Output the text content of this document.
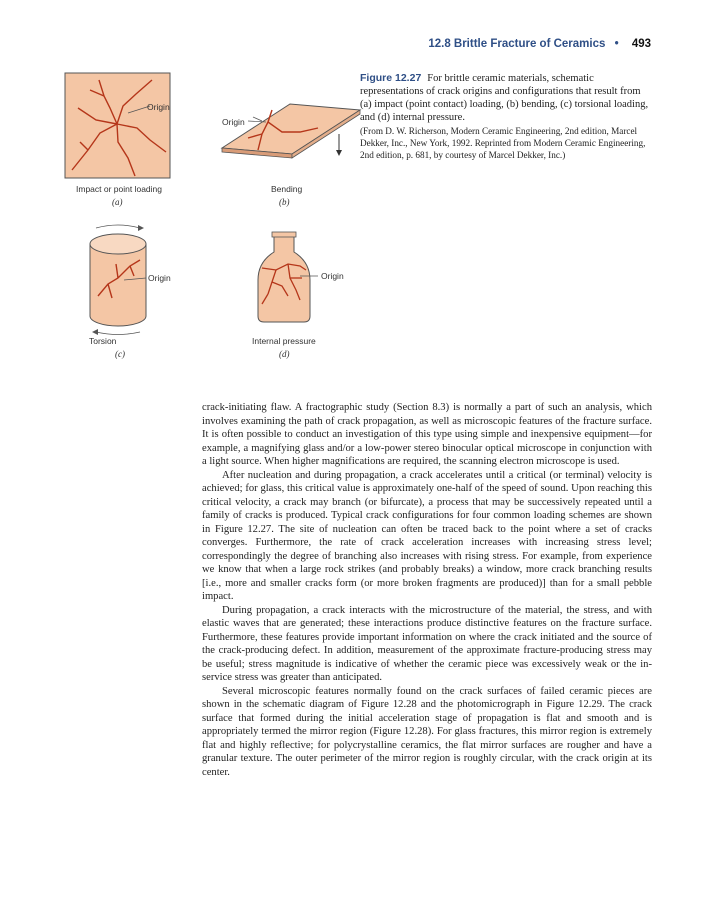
12.8 Brittle Fracture of Ceramics • 493
Origin
Origin
Origin	Origin
Impact or point loading
(a)
Bending
(b)
Torsion
(c)
Internal pressure
(d)
Figure 12.27 For brittle ceramic materials, schematic representations of crack origins and configurations that result from (a) impact (point contact) loading, (b) bending, (c) torsional loading, and (d) internal pressure.
(From D. W. Richerson, Modern Ceramic Engineering, 2nd edition, Marcel Dekker, Inc., New York, 1992. Reprinted from Modern Ceramic Engineering, 2nd edition, p. 681, by courtesy of Marcel Dekker, Inc.)

crack-initiating flaw. A fractographic study (Section 8.3) is normally a part of such an analysis, which involves examining the path of crack propagation, as well as microscopic features of the fracture surface. It is often possible to conduct an investigation of this type using simple and inexpensive equipment—for example, a magnifying glass and/or a low-power stereo binocular optical microscope in conjunction with a light source. When higher magnifications are required, the scanning electron microscope is used.

After nucleation and during propagation, a crack accelerates until a critical (or terminal) velocity is achieved; for glass, this critical value is approximately one-half of the speed of sound. Upon reaching this critical velocity, a crack may branch (or bifurcate), a process that may be successively repeated until a family of cracks is produced. Typical crack configurations for four common loading schemes are shown in Figure 12.27. The site of nucleation can often be traced back to the point where a set of cracks converges. Furthermore, the rate of crack acceleration increases with increasing stress level; correspondingly the degree of branching also increases with rising stress. For example, from experience we know that when a large rock strikes (and probably breaks) a window, more crack branching results [i.e., more and smaller cracks form (or more broken fragments are produced)] than for a small pebble impact.

During propagation, a crack interacts with the microstructure of the material, the stress, and with elastic waves that are generated; these interactions produce distinctive features on the fracture surface. Furthermore, these features provide important information on where the crack initiated and the source of the crack-producing defect. In addition, measurement of the approximate fracture-producing stress may be useful; stress magnitude is indicative of whether the ceramic piece was excessively weak or the in-service stress was greater than anticipated.

Several microscopic features normally found on the crack surfaces of failed ceramic pieces are shown in the schematic diagram of Figure 12.28 and the photomicrograph in Figure 12.29. The crack surface that formed during the initial acceleration stage of propagation is flat and smooth and is appropriately termed the mirror region (Figure 12.28). For glass fractures, this mirror region is extremely flat and highly reflective; for polycrystalline ceramics, the flat mirror surfaces are rougher and have a granular texture. The outer perimeter of the mirror region is roughly circular, with the crack origin at its center.
